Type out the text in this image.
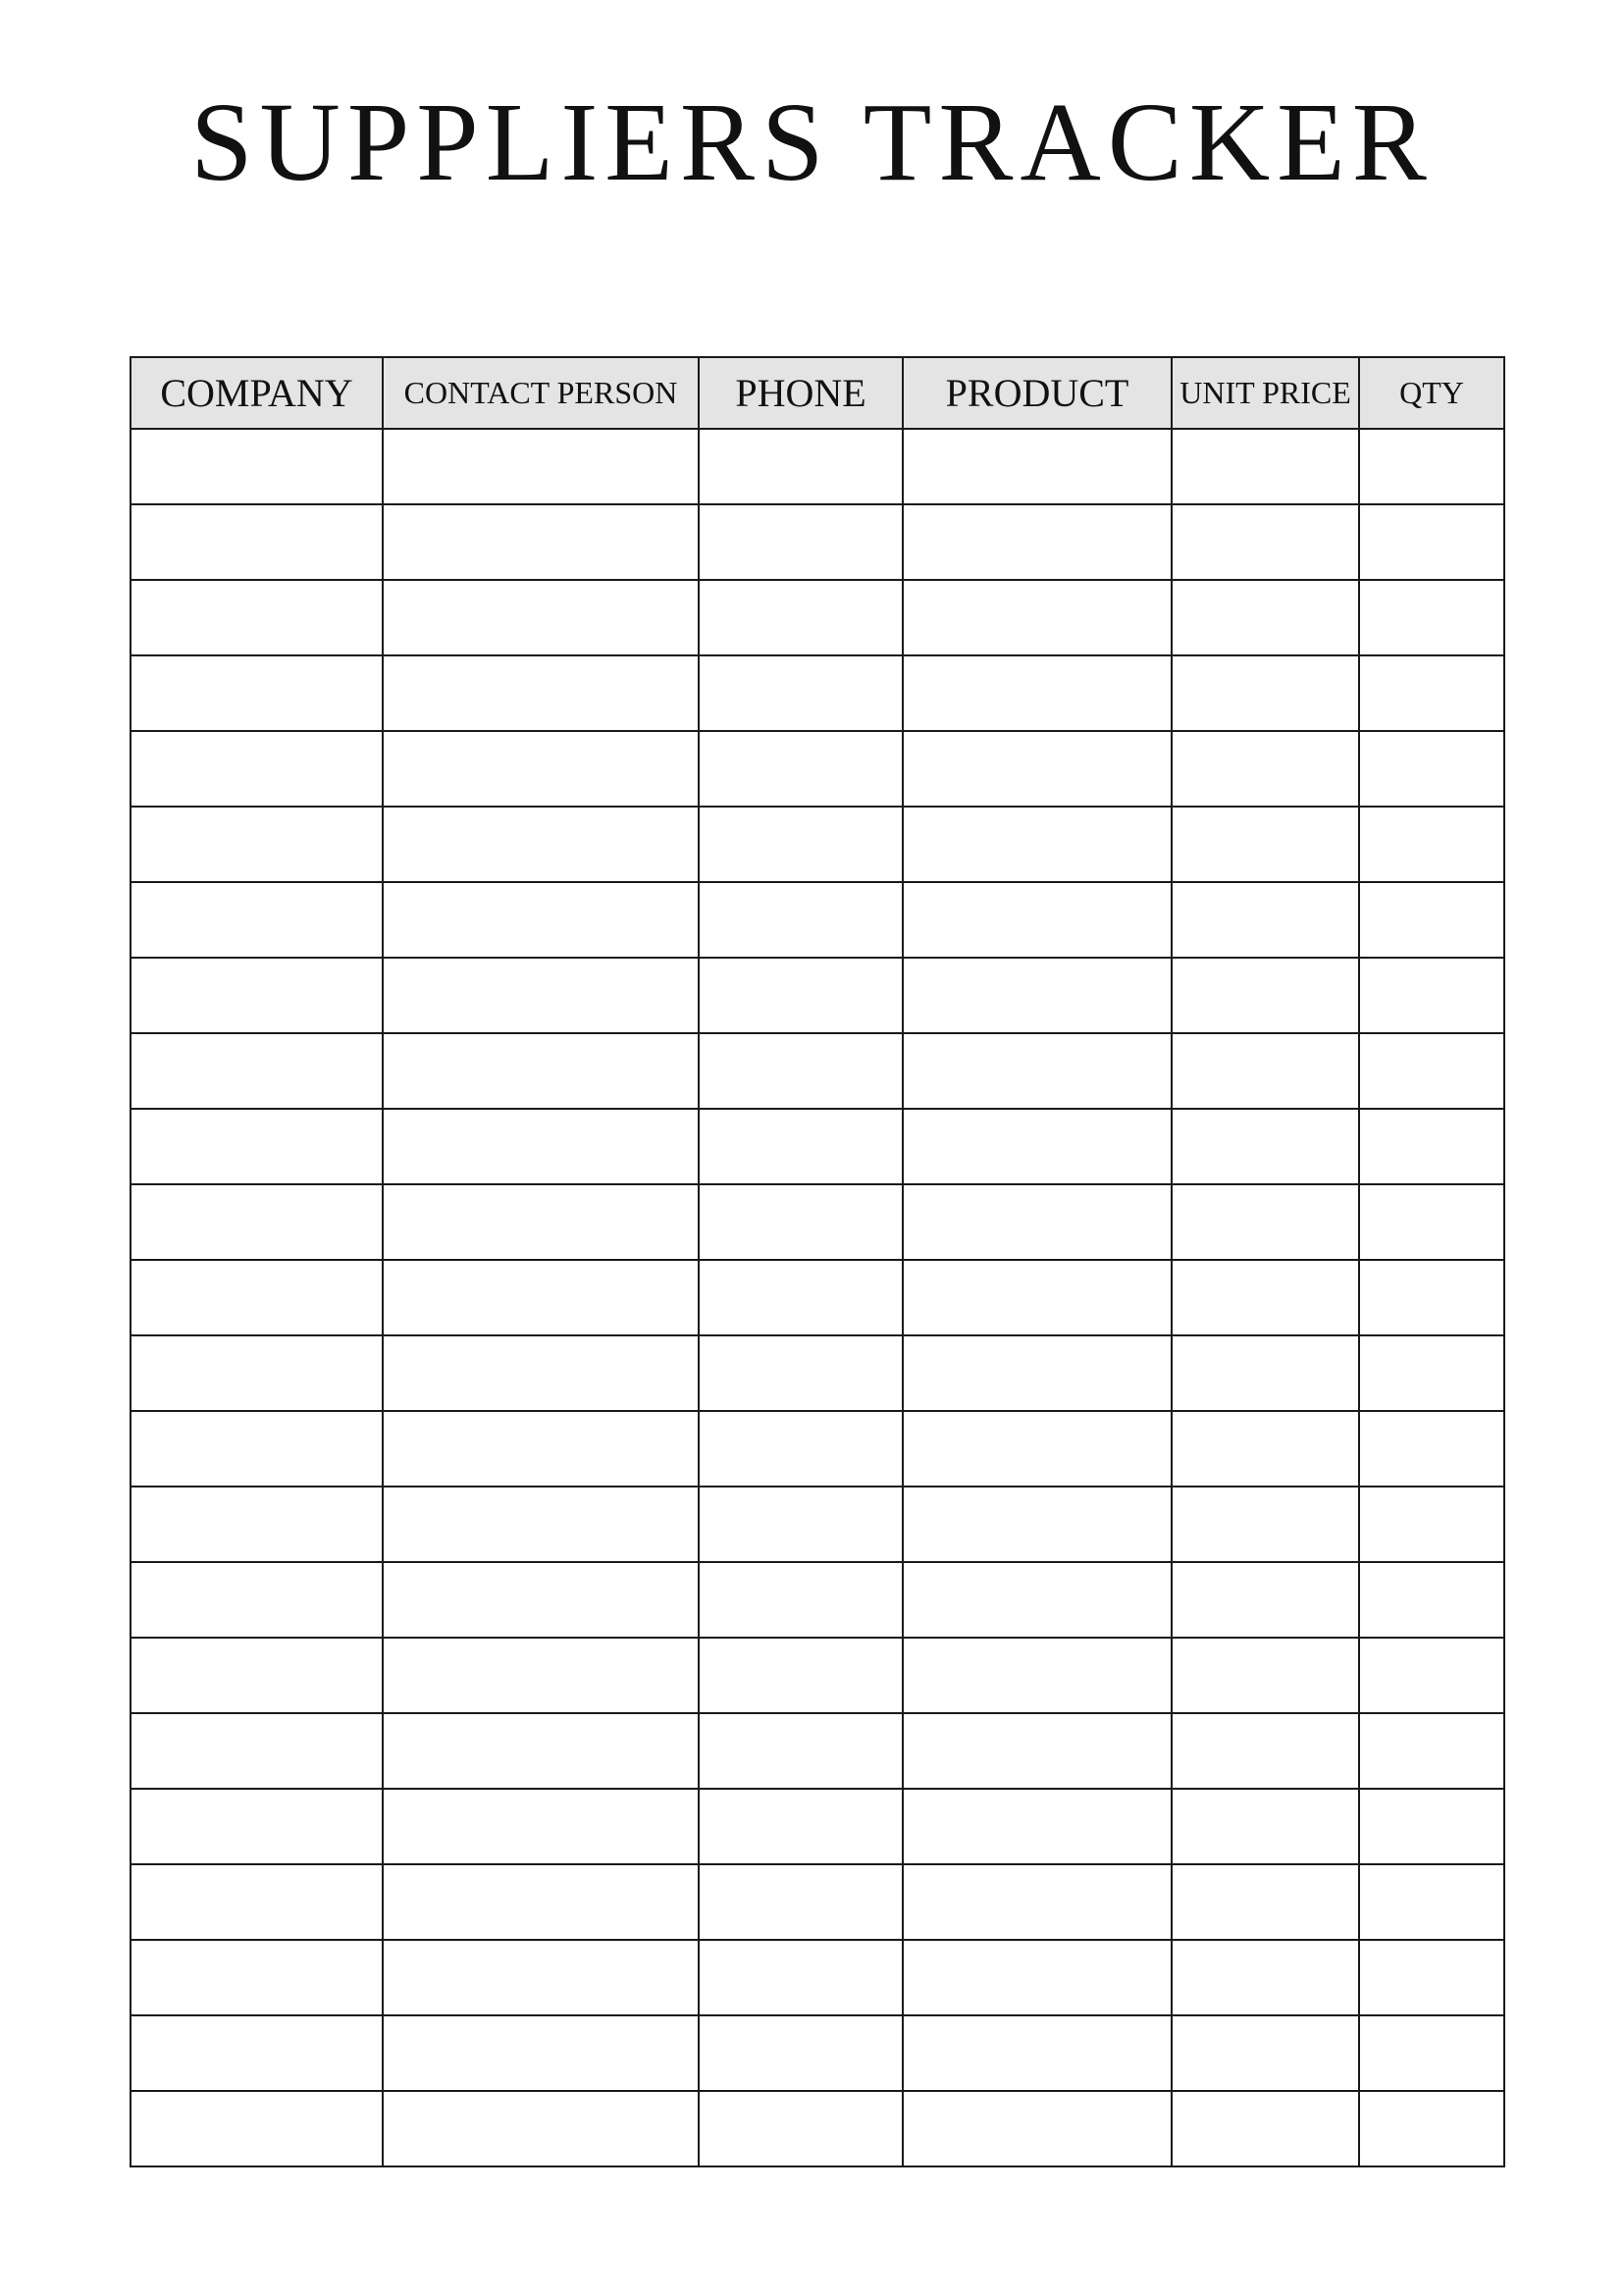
SUPPLIERS TRACKER
COMPANY	CONTACT PERSON	PHONE	PRODUCT	UNIT PRICE	QTY
